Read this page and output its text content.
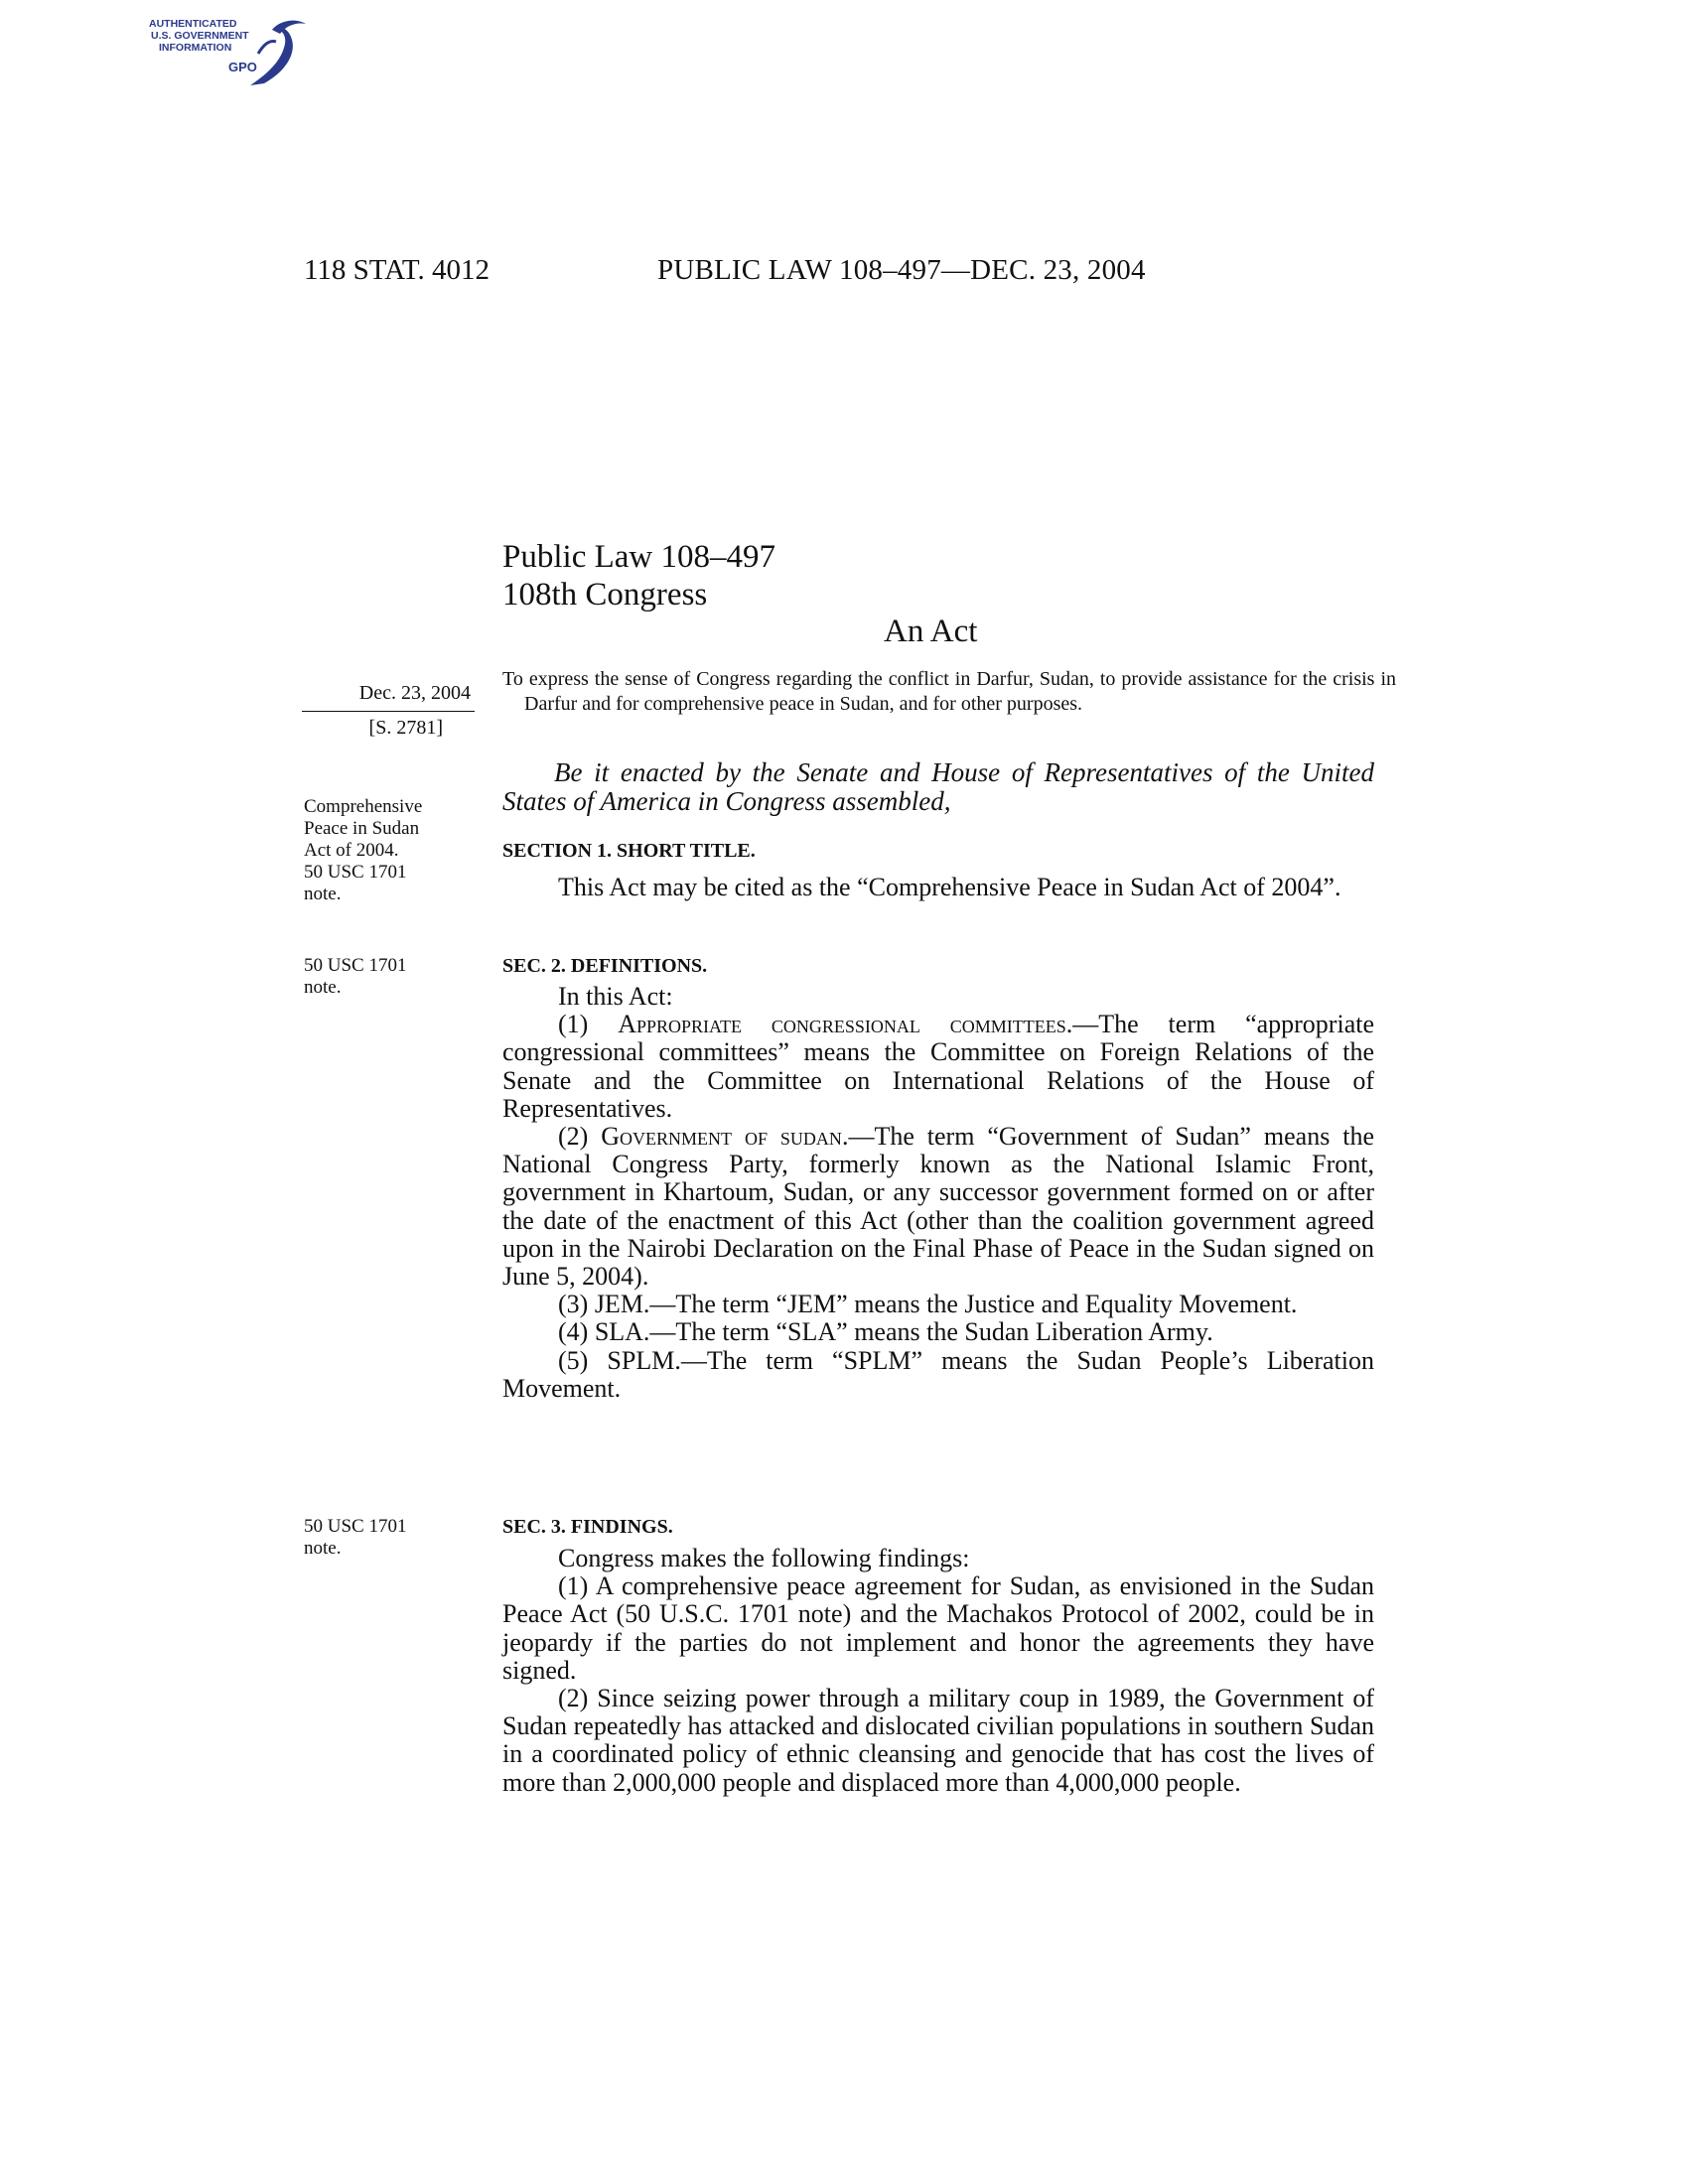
AUTHENTICATED
U.S. GOVERNMENT
INFORMATION
GPO
118 STAT. 4012	PUBLIC LAW 108–497—DEC. 23, 2004
Public Law 108–497
108th Congress
An Act
Dec. 23, 2004
[S. 2781]
Comprehensive
Peace in Sudan
Act of 2004.
50 USC 1701
note.
50 USC 1701
note.
50 USC 1701
note.
To express the sense of Congress regarding the conflict in Darfur, Sudan, to provide assistance for the crisis in Darfur and for comprehensive peace in Sudan, and for other purposes.
Be it enacted by the Senate and House of Representatives of the United States of America in Congress assembled,
SECTION 1. SHORT TITLE.

This Act may be cited as the “Comprehensive Peace in Sudan Act of 2004”.

SEC. 2. DEFINITIONS.

In this Act:

(1) Appropriate congressional committees.—The term “appropriate congressional committees” means the Committee on Foreign Relations of the Senate and the Committee on International Relations of the House of Representatives.

(2) Government of sudan.—The term “Government of Sudan” means the National Congress Party, formerly known as the National Islamic Front, government in Khartoum, Sudan, or any successor government formed on or after the date of the enactment of this Act (other than the coalition government agreed upon in the Nairobi Declaration on the Final Phase of Peace in the Sudan signed on June 5, 2004).

(3) JEM.—The term “JEM” means the Justice and Equality Movement.

(4) SLA.—The term “SLA” means the Sudan Liberation Army.

(5) SPLM.—The term “SPLM” means the Sudan People’s Liberation Movement.

SEC. 3. FINDINGS.

Congress makes the following findings:

(1) A comprehensive peace agreement for Sudan, as envisioned in the Sudan Peace Act (50 U.S.C. 1701 note) and the Machakos Protocol of 2002, could be in jeopardy if the parties do not implement and honor the agreements they have signed.

(2) Since seizing power through a military coup in 1989, the Government of Sudan repeatedly has attacked and dislocated civilian populations in southern Sudan in a coordinated policy of ethnic cleansing and genocide that has cost the lives of more than 2,000,000 people and displaced more than 4,000,000 people.
